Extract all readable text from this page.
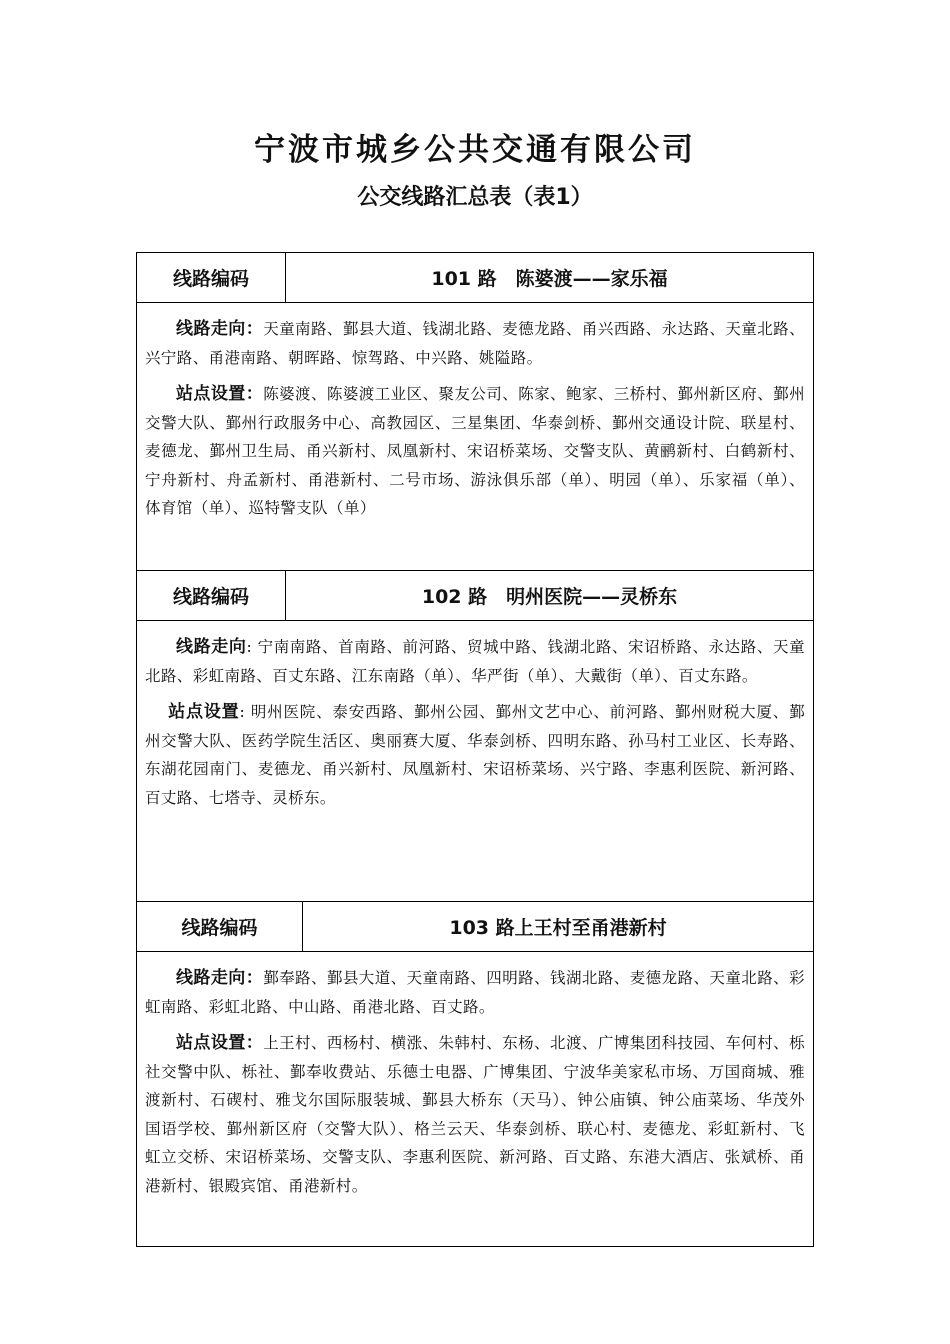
宁波市城乡公共交通有限公司
公交线路汇总表（表1）
线路编码	101 路　陈婆渡——家乐福

线路走向：天童南路、鄞县大道、钱湖北路、麦德龙路、甬兴西路、永达路、天童北路、兴宁路、甬港南路、朝晖路、惊驾路、中兴路、姚隘路。

站点设置：陈婆渡、陈婆渡工业区、聚友公司、陈家、鲍家、三桥村、鄞州新区府、鄞州交警大队、鄞州行政服务中心、高教园区、三星集团、华泰剑桥、鄞州交通设计院、联星村、麦德龙、鄞州卫生局、甬兴新村、凤凰新村、宋诏桥菜场、交警支队、黄鹂新村、白鹤新村、宁舟新村、舟孟新村、甬港新村、二号市场、游泳俱乐部（单）、明园（单）、乐家福（单）、体育馆（单）、巡特警支队（单）

线路编码	102 路　明州医院——灵桥东

线路走向: 宁南南路、首南路、前河路、贸城中路、钱湖北路、宋诏桥路、永达路、天童北路、彩虹南路、百丈东路、江东南路（单）、华严街（单）、大戴街（单）、百丈东路。

站点设置: 明州医院、泰安西路、鄞州公园、鄞州文艺中心、前河路、鄞州财税大厦、鄞州交警大队、医药学院生活区、奥丽赛大厦、华泰剑桥、四明东路、孙马村工业区、长寿路、东湖花园南门、麦德龙、甬兴新村、凤凰新村、宋诏桥菜场、兴宁路、李惠利医院、新河路、百丈路、七塔寺、灵桥东。

线路编码	103 路上王村至甬港新村

线路走向：鄞奉路、鄞县大道、天童南路、四明路、钱湖北路、麦德龙路、天童北路、彩虹南路、彩虹北路、中山路、甬港北路、百丈路。

站点设置：上王村、西杨村、横涨、朱韩村、东杨、北渡、广博集团科技园、车何村、栎社交警中队、栎社、鄞奉收费站、乐德士电器、广博集团、宁波华美家私市场、万国商城、雅渡新村、石碶村、雅戈尔国际服装城、鄞县大桥东（天马）、钟公庙镇、钟公庙菜场、华茂外国语学校、鄞州新区府（交警大队）、格兰云天、华泰剑桥、联心村、麦德龙、彩虹新村、飞虹立交桥、宋诏桥菜场、交警支队、李惠利医院、新河路、百丈路、东港大酒店、张斌桥、甬港新村、银殿宾馆、甬港新村。
